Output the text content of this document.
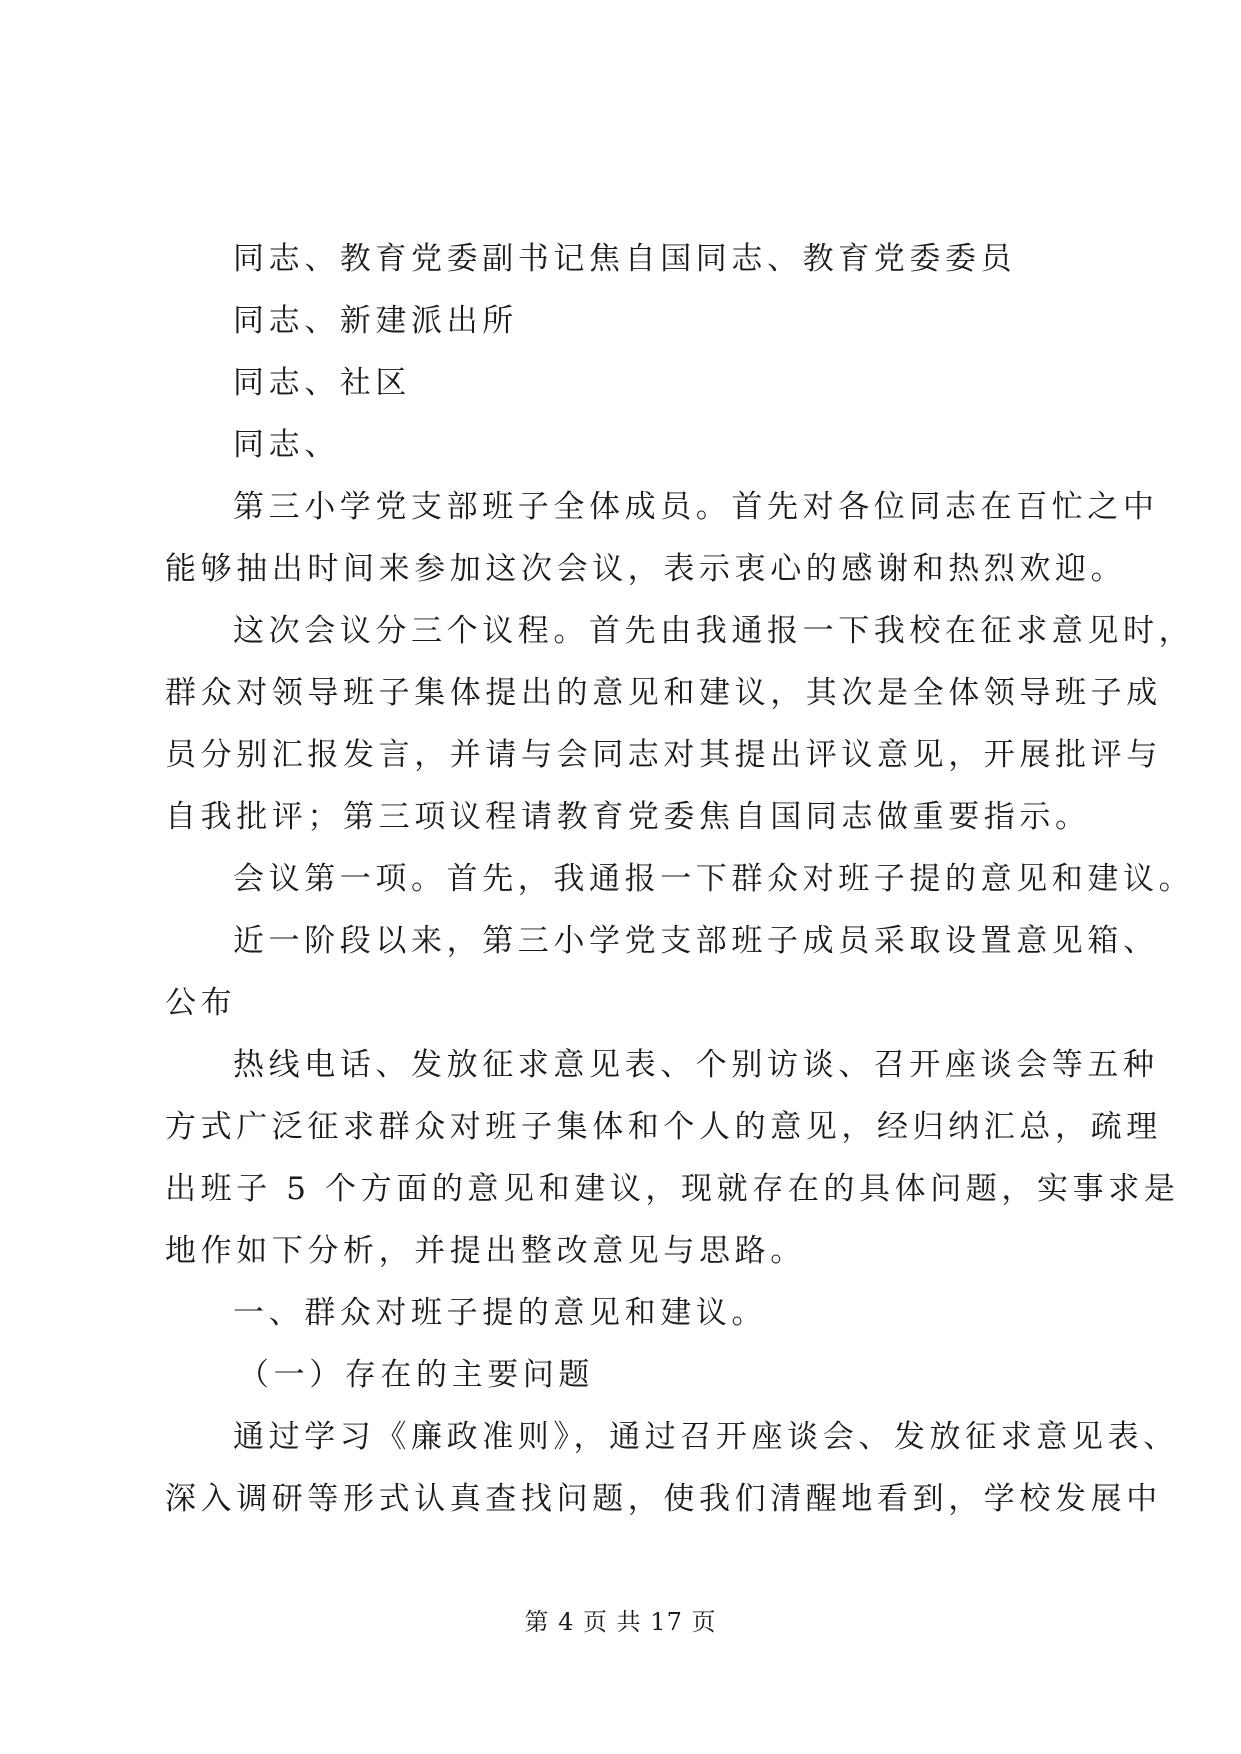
同志、教育党委副书记焦自国同志、教育党委委员
同志、新建派出所
同志、社区
同志、
第三小学党支部班子全体成员。首先对各位同志在百忙之中
能够抽出时间来参加这次会议，表示衷心的感谢和热烈欢迎。
这次会议分三个议程。首先由我通报一下我校在征求意见时，
群众对领导班子集体提出的意见和建议，其次是全体领导班子成
员分别汇报发言，并请与会同志对其提出评议意见，开展批评与
自我批评；第三项议程请教育党委焦自国同志做重要指示。
会议第一项。首先，我通报一下群众对班子提的意见和建议。
近一阶段以来，第三小学党支部班子成员采取设置意见箱、
公布
热线电话、发放征求意见表、个别访谈、召开座谈会等五种
方式广泛征求群众对班子集体和个人的意见，经归纳汇总，疏理
出班子 5 个方面的意见和建议，现就存在的具体问题，实事求是
地作如下分析，并提出整改意见与思路。
一、群众对班子提的意见和建议。
（一）存在的主要问题
通过学习《廉政准则》，通过召开座谈会、发放征求意见表、
深入调研等形式认真查找问题，使我们清醒地看到，学校发展中
第 4 页 共 17 页
